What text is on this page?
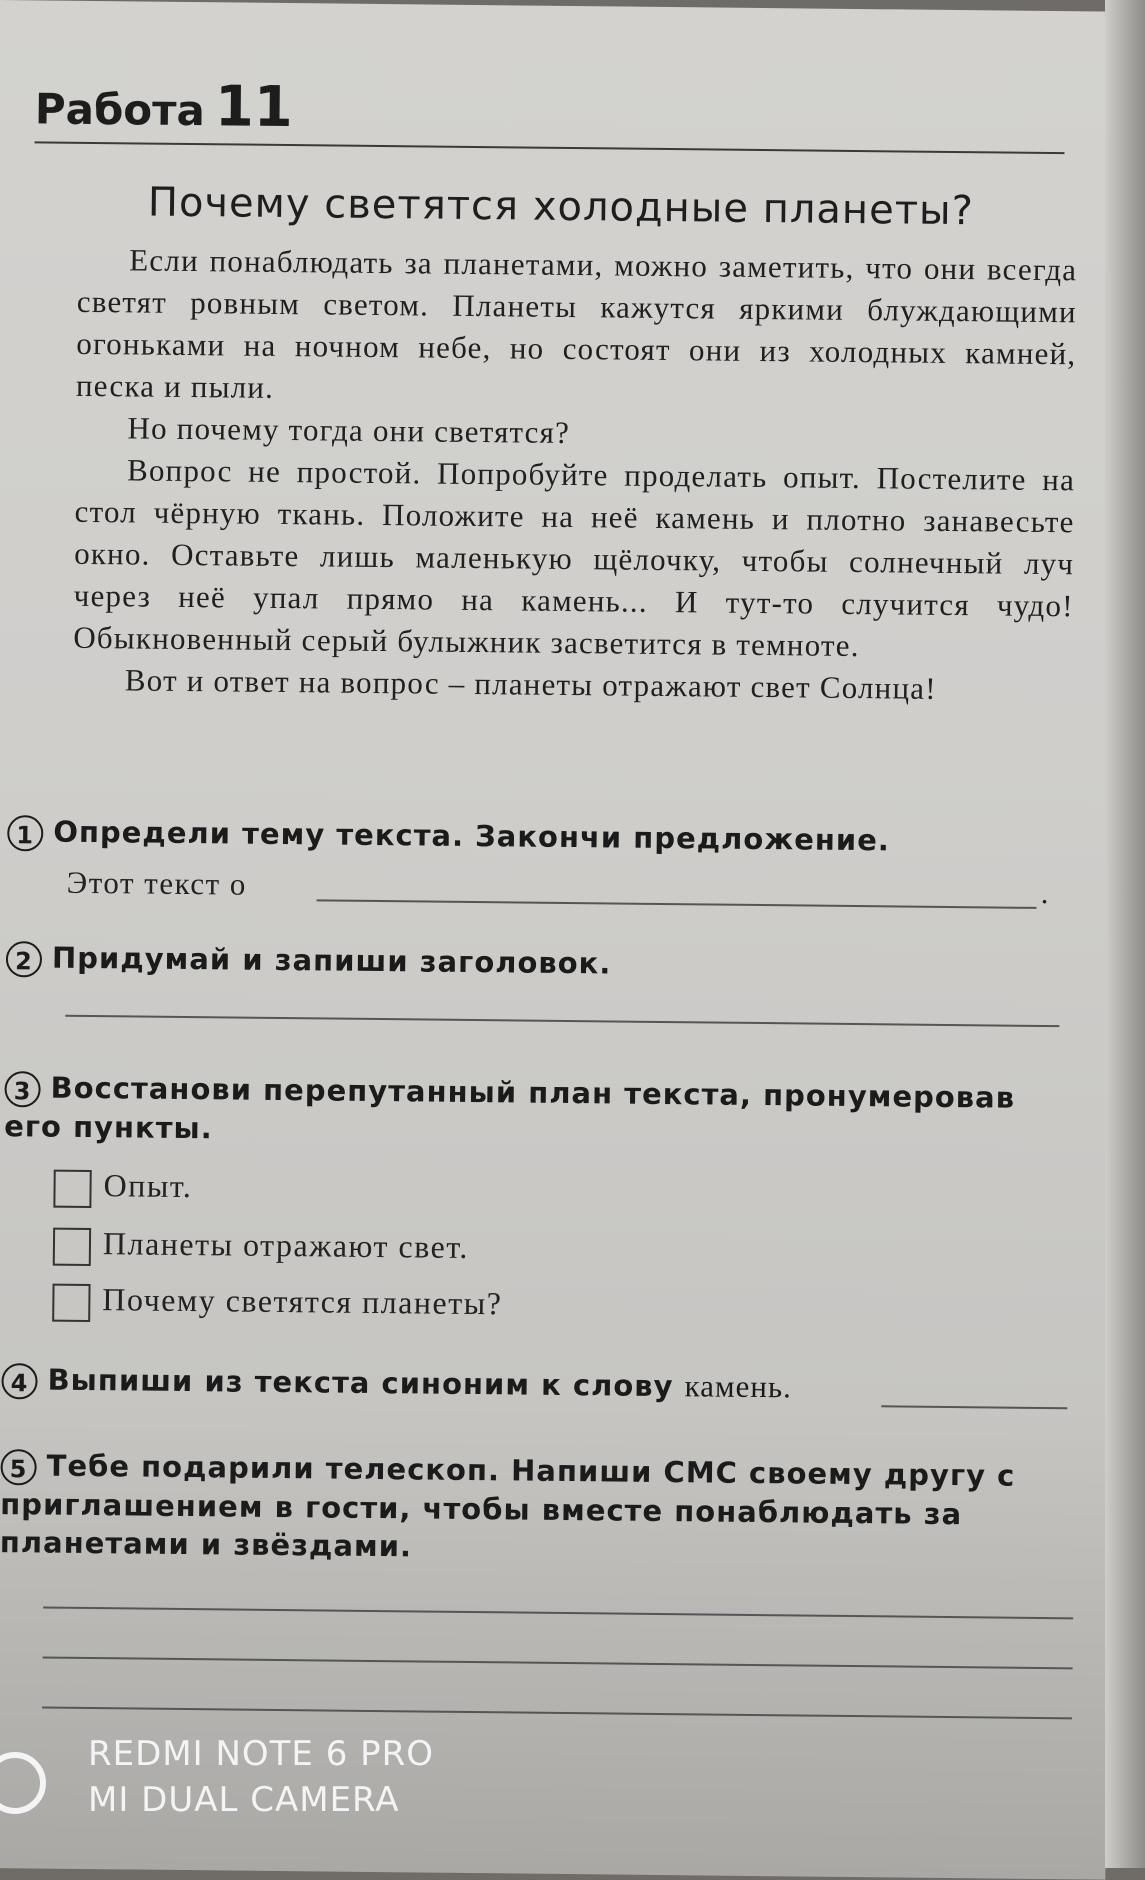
Работа 11
Почему светятся холодные планеты?

Если понаблюдать за планетами, можно заметить, что они всегда светят ровным светом. Планеты кажутся яркими блуждающими огоньками на ночном небе, но состоят они из холодных камней, песка и пыли.

Но почему тогда они светятся?

Вопрос не простой. Попробуйте проделать опыт. Постелите на стол чёрную ткань. Положите на неё камень и плотно занавесьте окно. Оставьте лишь маленькую щёлочку, чтобы солнечный луч через неё упал прямо на камень... И тут-то случится чудо! Обыкновенный серый булыжник засветится в темноте.

Вот и ответ на вопрос – планеты отражают свет Солнца!

1 Определи тему текста. Закончи предложение.
Этот текст о	.
2 Придумай и запиши заголовок.
3 Восстанови перепутанный план текста, пронумеровав его пункты.
Опыт.
Планеты отражают свет.
Почему светятся планеты?
4 Выпиши из текста синоним к слову камень.
5 Тебе подарили телескоп. Напиши СМС своему другу с приглашением в гости, чтобы вместе понаблюдать за планетами и звёздами.
REDMI NOTE 6 PRO
MI DUAL CAMERA
